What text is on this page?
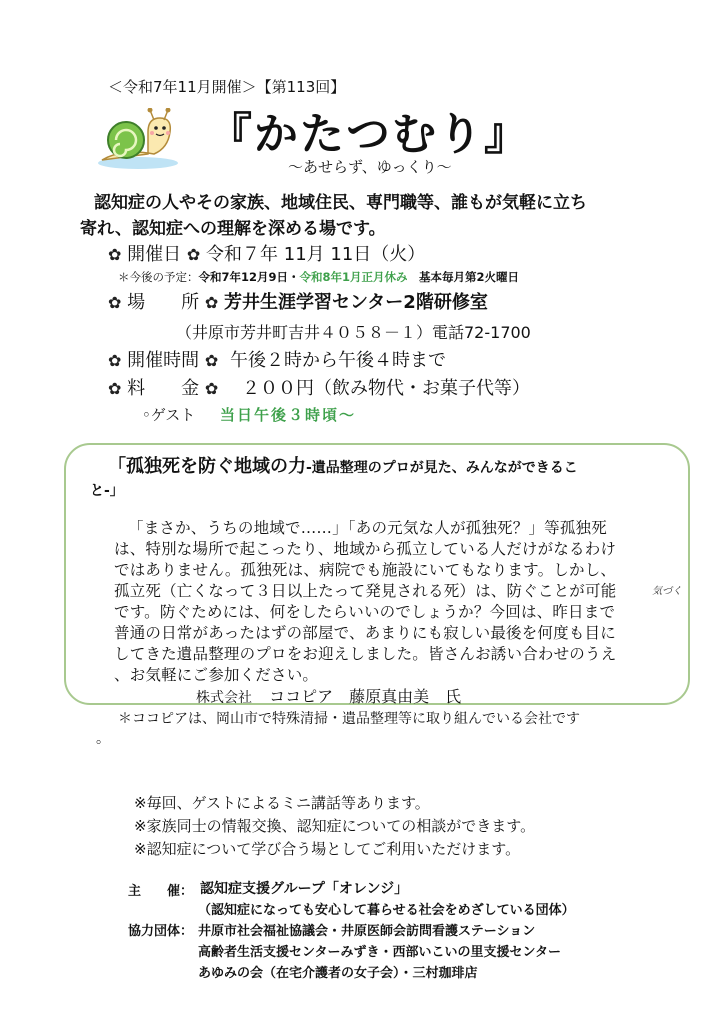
＜令和7年11月開催＞【第113回】
『かたつむり』
～あせらず、ゆっくり～
認知症の人やその家族、地域住民、専門職等、誰もが気軽に立ち
寄れ、認知症への理解を深める場です。
✿ 開催日 ✿ 令和７年 11月 11日（火）
＊今後の予定：令和7年12月9日・令和8年1月正月休み　 基本毎月第2火曜日
✿ 場　　所 ✿ 芳井生涯学習センター2階研修室
（井原市芳井町吉井４０５８－１）電話72-1700
✿ 開催時間 ✿ 午後２時から午後４時まで
✿ 料　　金 ✿ ２００円（飲み物代・お菓子代等）
◦ゲスト 当日午後３時頃～
「孤独死を防ぐ地域の力-遺品整理のプロが見た、みんなができるこ
と-」
「まさか、うちの地域で……」「あの元気な人が孤独死？」等孤独死
は、特別な場所で起こったり、地域から孤立している人だけがなるわけ
ではありません。孤独死は、病院でも施設にいてもなります。しかし、
孤立死（亡くなって３日以上たって発見される死）は、防ぐことが可能
です。防ぐためには、何をしたらいいのでしょうか？今回は、昨日まで
普通の日常があったはずの部屋で、あまりにも寂しい最後を何度も目に
してきた遺品整理のプロをお迎えしました。皆さんお誘い合わせのうえ
、お気軽にご参加ください。
気づく
株式会社 ココピア　藤原真由美　氏
＊ココピアは、岡山市で特殊清掃・遺品整理等に取り組んでいる会社です
。
※毎回、ゲストによるミニ講話等あります。
※家族同士の情報交換、認知症についての相談ができます。
※認知症について学び合う場としてご利用いただけます。
主　　催： 認知症支援グループ「オレンジ」
（認知症になっても安心して暮らせる社会をめざしている団体）
協力団体： 井原市社会福祉協議会・井原医師会訪問看護ステーション
高齢者生活支援センターみずき・西部いこいの里支援センター
あゆみの会（在宅介護者の女子会）・三村珈琲店
